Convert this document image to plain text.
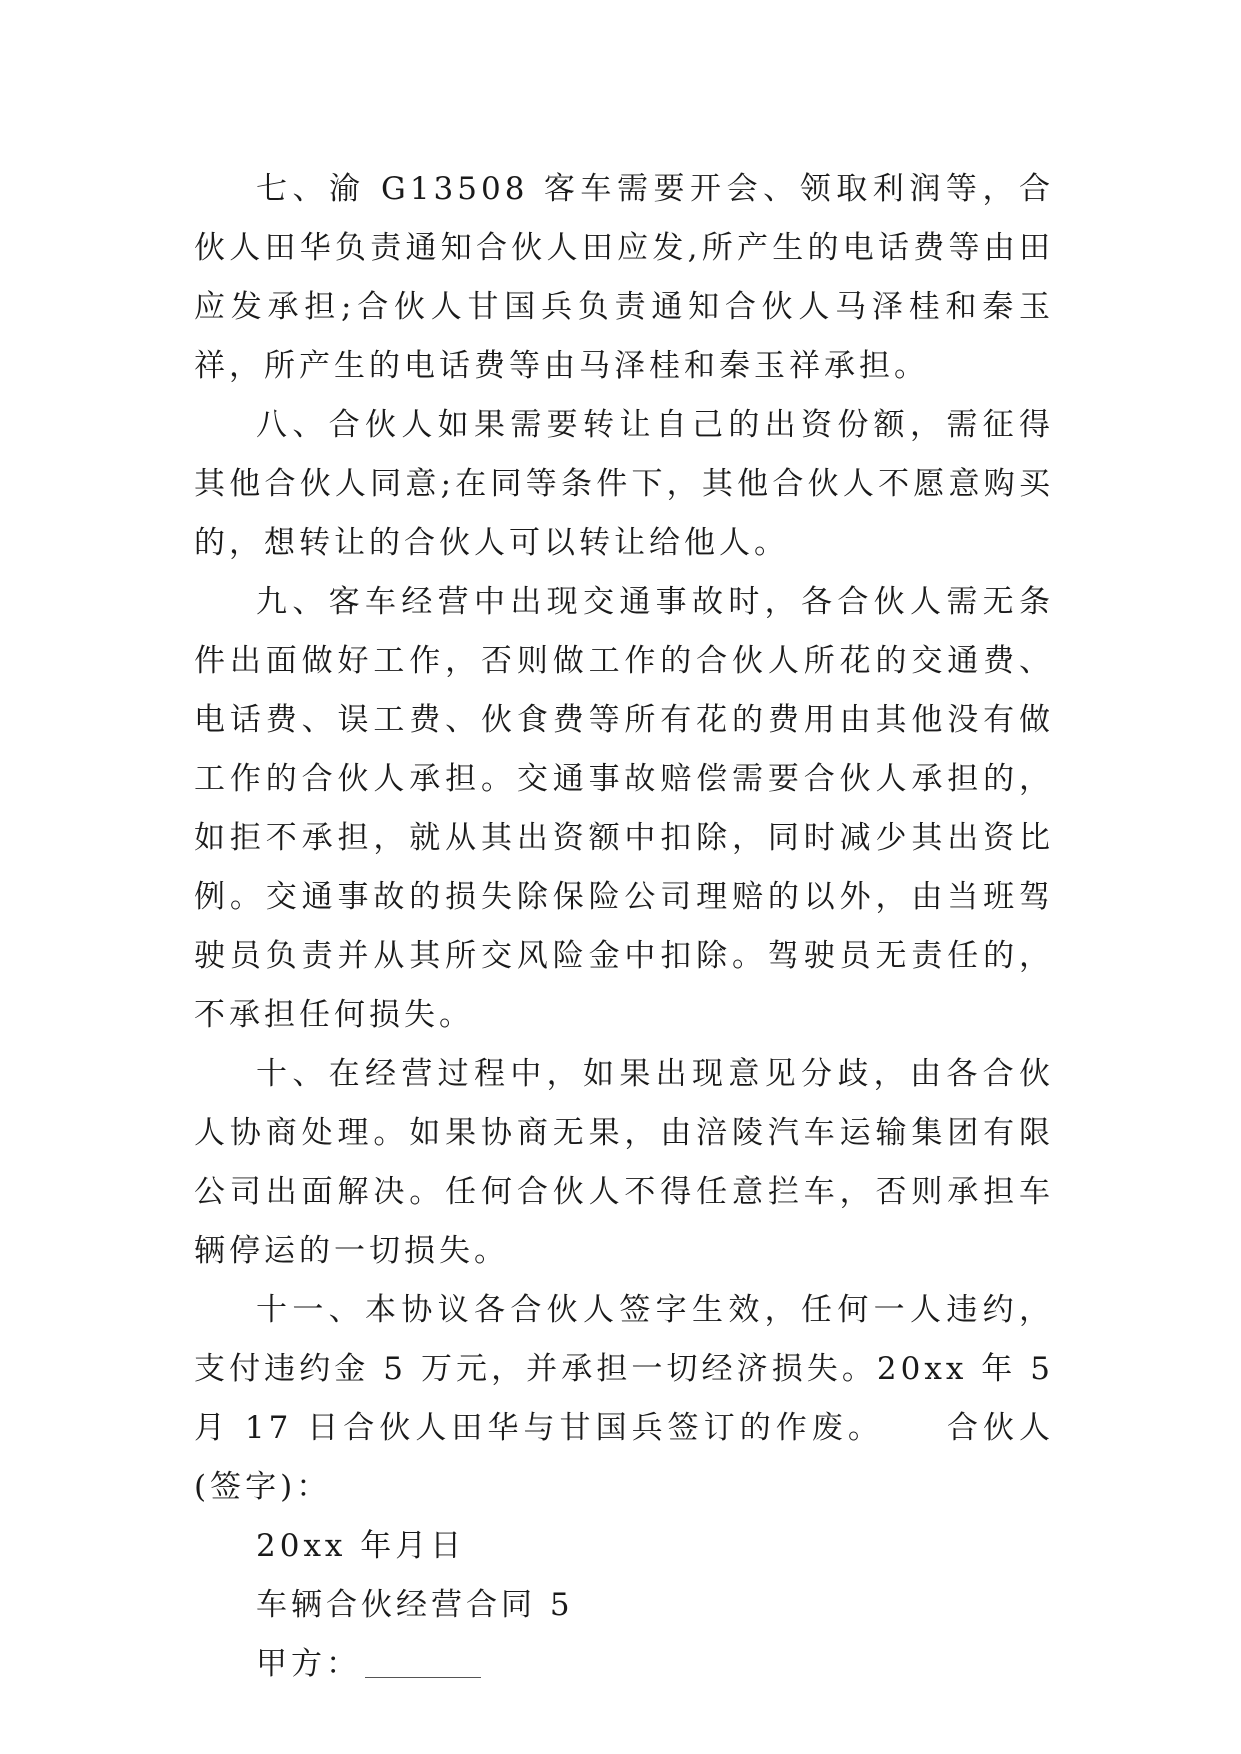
七、渝 G13508 客车需要开会、领取利润等，合伙人田华负责通知合伙人田应发,所产生的电话费等由田应发承担;合伙人甘国兵负责通知合伙人马泽桂和秦玉祥，所产生的电话费等由马泽桂和秦玉祥承担。

八、合伙人如果需要转让自己的出资份额，需征得其他合伙人同意;在同等条件下，其他合伙人不愿意购买的，想转让的合伙人可以转让给他人。

九、客车经营中出现交通事故时，各合伙人需无条件出面做好工作，否则做工作的合伙人所花的交通费、电话费、误工费、伙食费等所有花的费用由其他没有做工作的合伙人承担。交通事故赔偿需要合伙人承担的，如拒不承担，就从其出资额中扣除，同时减少其出资比例。交通事故的损失除保险公司理赔的以外，由当班驾驶员负责并从其所交风险金中扣除。驾驶员无责任的，不承担任何损失。

十、在经营过程中，如果出现意见分歧，由各合伙人协商处理。如果协商无果，由涪陵汽车运输集团有限公司出面解决。任何合伙人不得任意拦车，否则承担车辆停运的一切损失。

十一、本协议各合伙人签字生效，任何一人违约，支付违约金 5 万元，并承担一切经济损失。20xx 年 5 月 17 日合伙人田华与甘国兵签订的作废。 合伙人(签字)：

20xx 年月日

车辆合伙经营合同 5

甲方：
